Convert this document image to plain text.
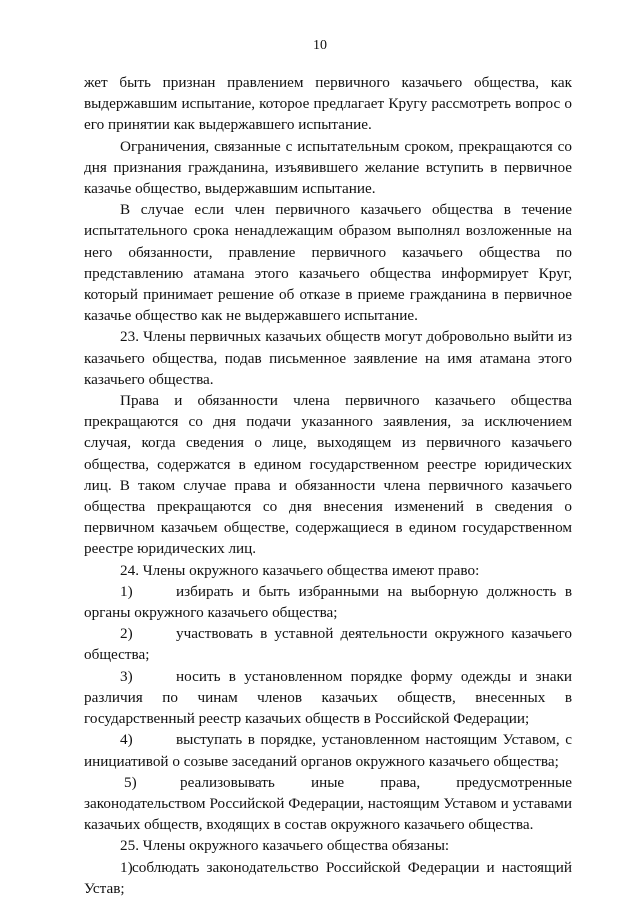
10

жет быть признан правлением первичного казачьего общества, как выдержавшим испытание, которое предлагает Кругу рассмотреть вопрос о его принятии как выдержавшего испытание.

Ограничения, связанные с испытательным сроком, прекращаются со дня признания гражданина, изъявившего желание вступить в первичное казачье общество, выдержавшим испытание.

В случае если член первичного казачьего общества в течение испытательного срока ненадлежащим образом выполнял возложенные на него обязанности, правление первичного казачьего общества по представлению атамана этого казачьего общества информирует Круг, который принимает решение об отказе в приеме гражданина в первичное казачье общество как не выдержавшего испытание.

23. Члены первичных казачьих обществ могут добровольно выйти из казачьего общества, подав письменное заявление на имя атамана этого казачьего общества.

Права и обязанности члена первичного казачьего общества прекращаются со дня подачи указанного заявления, за исключением случая, когда сведения о лице, выходящем из первичного казачьего общества, содержатся в едином государственном реестре юридических лиц. В таком случае права и обязанности члена первичного казачьего общества прекращаются со дня внесения изменений в сведения о первичном казачьем обществе, содержащиеся в едином государственном реестре юридических лиц.

24. Члены окружного казачьего общества имеют право:

1)	избирать и быть избранными на выборную должность в органы окружного казачьего общества;

2)	участвовать в уставной деятельности окружного казачьего общества;

3)	носить в установленном порядке форму одежды и знаки различия по чинам членов казачьих обществ, внесенных в государственный реестр казачьих обществ в Российской Федерации;

4)	выступать в порядке, установленном настоящим Уставом, с инициативой о созыве заседаний органов окружного казачьего общества;

5)	реализовывать иные права, предусмотренные законодательством Российской Федерации, настоящим Уставом и уставами казачьих обществ, входящих в состав окружного казачьего общества.

25. Члены окружного казачьего общества обязаны:

1)соблюдать законодательство Российской Федерации и настоящий Устав;
